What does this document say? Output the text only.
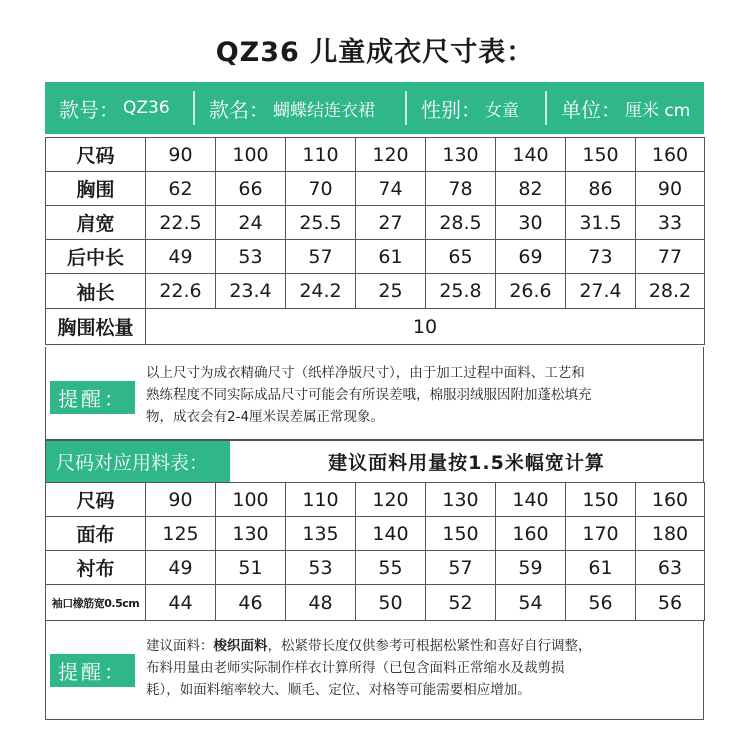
QZ36 儿童成衣尺寸表：
款号： QZ36 款名： 蝴蝶结连衣裙 性别： 女童 单位： 厘米 cm
尺码	90	100	110	120	130	140	150	160
胸围	62	66	70	74	78	82	86	90
肩宽	22.5	24	25.5	27	28.5	30	31.5	33
后中长	49	53	57	61	65	69	73	77
袖长	22.6	23.4	24.2	25	25.8	26.6	27.4	28.2
胸围松量	10							
提醒：
以上尺寸为成衣精确尺寸（纸样净版尺寸），由于加工过程中面料、工艺和
熟练程度不同实际成品尺寸可能会有所误差哦，棉服羽绒服因附加蓬松填充
物，成衣会有2-4厘米误差属正常现象。
尺码对应用料表：	建议面料用量按1.5米幅宽计算
尺码	90	100	110	120	130	140	150	160
面布	125	130	135	140	150	160	170	180
衬布	49	51	53	55	57	59	61	63
袖口橡筋宽0.5cm	44	46	48	50	52	54	56	56
提醒：
建议面料：梭织面料，松紧带长度仅供参考可根据松紧性和喜好自行调整，
布料用量由老师实际制作样衣计算所得（已包含面料正常缩水及裁剪损
耗），如面料缩率较大、顺毛、定位、对格等可能需要相应增加。
